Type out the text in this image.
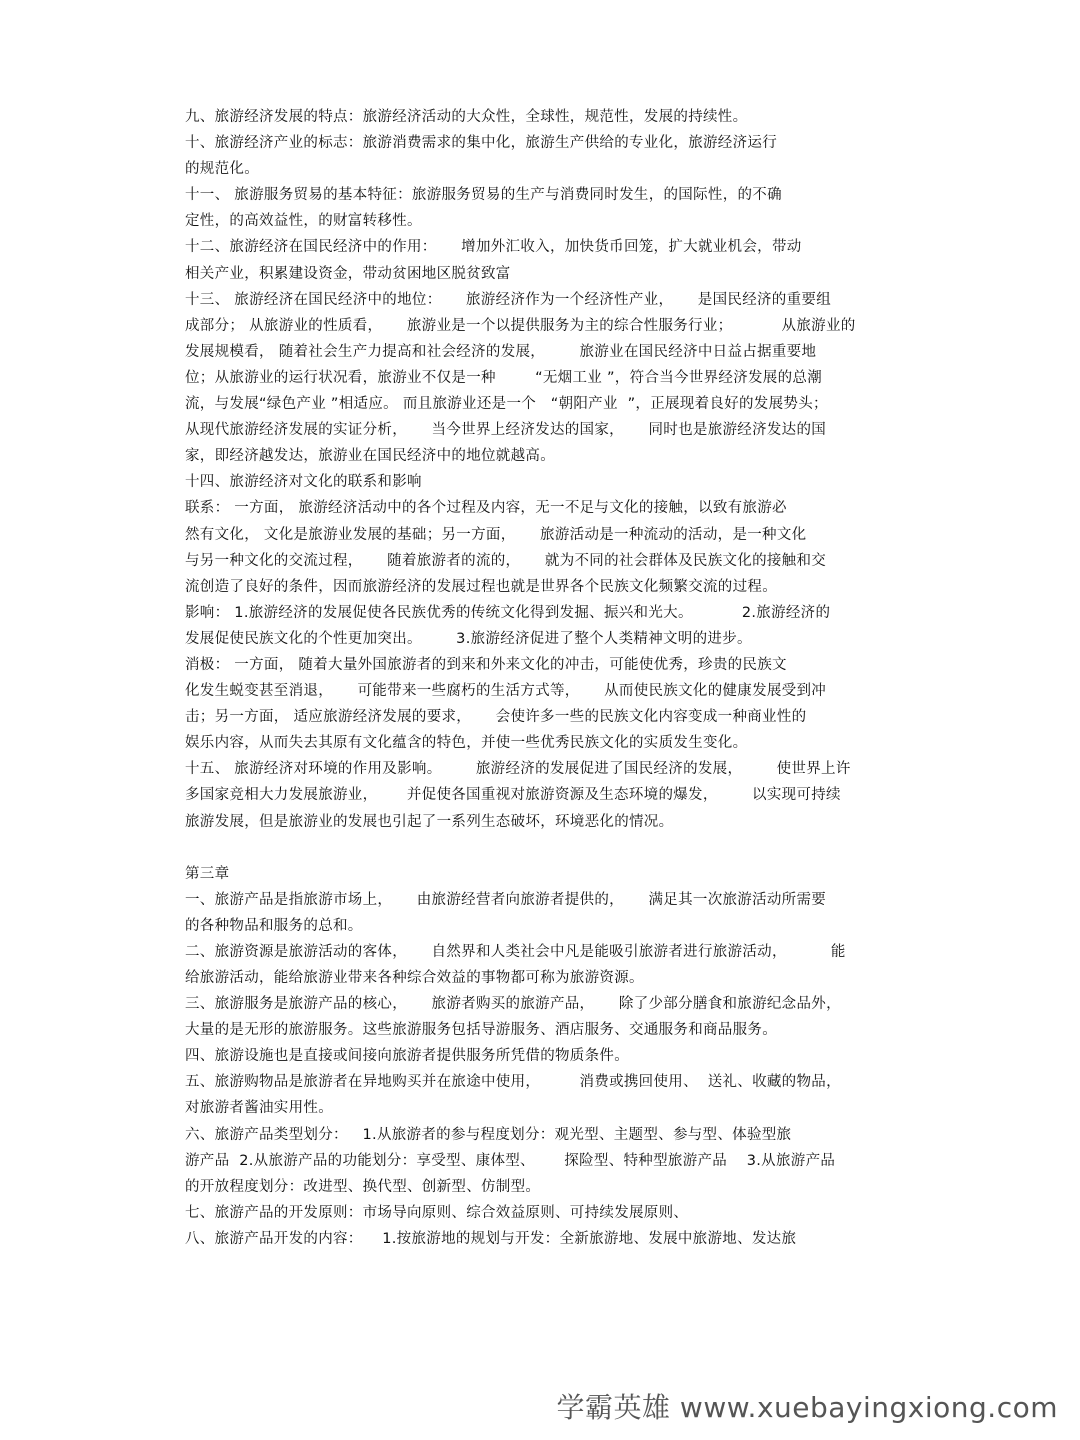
九、旅游经济发展的特点：旅游经济活动的大众性，全球性，规范性，发展的持续性。
十、旅游经济产业的标志：旅游消费需求的集中化，旅游生产供给的专业化，旅游经济运行
的规范化。
十一、 旅游服务贸易的基本特征：旅游服务贸易的生产与消费同时发生，的国际性，的不确
定性，的高效益性，的财富转移性。
十二、旅游经济在国民经济中的作用：     增加外汇收入，加快货币回笼，扩大就业机会，带动
相关产业，积累建设资金，带动贫困地区脱贫致富
十三、 旅游经济在国民经济中的地位：     旅游经济作为一个经济性产业，     是国民经济的重要组
成部分； 从旅游业的性质看，     旅游业是一个以提供服务为主的综合性服务行业；          从旅游业的
发展规模看， 随着社会生产力提高和社会经济的发展，       旅游业在国民经济中日益占据重要地
位；从旅游业的运行状况看，旅游业不仅是一种        “无烟工业 ”，符合当今世界经济发展的总潮
流，与发展“绿色产业 ”相适应。 而且旅游业还是一个   “朝阳产业  ”，正展现着良好的发展势头；
从现代旅游经济发展的实证分析，     当今世界上经济发达的国家，     同时也是旅游经济发达的国
家，即经济越发达，旅游业在国民经济中的地位就越高。
十四、旅游经济对文化的联系和影响
联系： 一方面， 旅游经济活动中的各个过程及内容，无一不足与文化的接触，以致有旅游必
然有文化， 文化是旅游业发展的基础；另一方面，     旅游活动是一种流动的活动，是一种文化
与另一种文化的交流过程，     随着旅游者的流的，     就为不同的社会群体及民族文化的接触和交
流创造了良好的条件，因而旅游经济的发展过程也就是世界各个民族文化频繁交流的过程。
影响： 1.旅游经济的发展促使各民族优秀的传统文化得到发掘、振兴和光大。          2.旅游经济的
发展促使民族文化的个性更加突出。       3.旅游经济促进了整个人类精神文明的进步。
消极： 一方面， 随着大量外国旅游者的到来和外来文化的冲击，可能使优秀，珍贵的民族文
化发生蜕变甚至消退，     可能带来一些腐朽的生活方式等，     从而使民族文化的健康发展受到冲
击；另一方面， 适应旅游经济发展的要求，     会使许多一些的民族文化内容变成一种商业性的
娱乐内容，从而失去其原有文化蕴含的特色，并使一些优秀民族文化的实质发生变化。
十五、 旅游经济对环境的作用及影响。       旅游经济的发展促进了国民经济的发展，       使世界上许
多国家竞相大力发展旅游业，      并促使各国重视对旅游资源及生态环境的爆发，       以实现可持续
旅游发展，但是旅游业的发展也引起了一系列生态破坏，环境恶化的情况。
第三章
一、旅游产品是指旅游市场上，     由旅游经营者向旅游者提供的，     满足其一次旅游活动所需要
的各种物品和服务的总和。
二、旅游资源是旅游活动的客体，     自然界和人类社会中凡是能吸引旅游者进行旅游活动，         能
给旅游活动，能给旅游业带来各种综合效益的事物都可称为旅游资源。
三、旅游服务是旅游产品的核心，     旅游者购买的旅游产品，     除了少部分膳食和旅游纪念品外，
大量的是无形的旅游服务。这些旅游服务包括导游服务、酒店服务、交通服务和商品服务。
四、旅游设施也是直接或间接向旅游者提供服务所凭借的物质条件。
五、旅游购物品是旅游者在异地购买并在旅途中使用，        消费或携回使用、  送礼、收藏的物品，
对旅游者酱油实用性。
六、旅游产品类型划分：   1.从旅游者的参与程度划分：观光型、主题型、参与型、体验型旅
游产品  2.从旅游产品的功能划分：享受型、康体型、      探险型、特种型旅游产品    3.从旅游产品
的开放程度划分：改进型、换代型、创新型、仿制型。
七、旅游产品的开发原则：市场导向原则、综合效益原则、可持续发展原则、
八、旅游产品开发的内容：    1.按旅游地的规划与开发：全新旅游地、发展中旅游地、发达旅
学霸英雄 www.xuebayingxiong.com
